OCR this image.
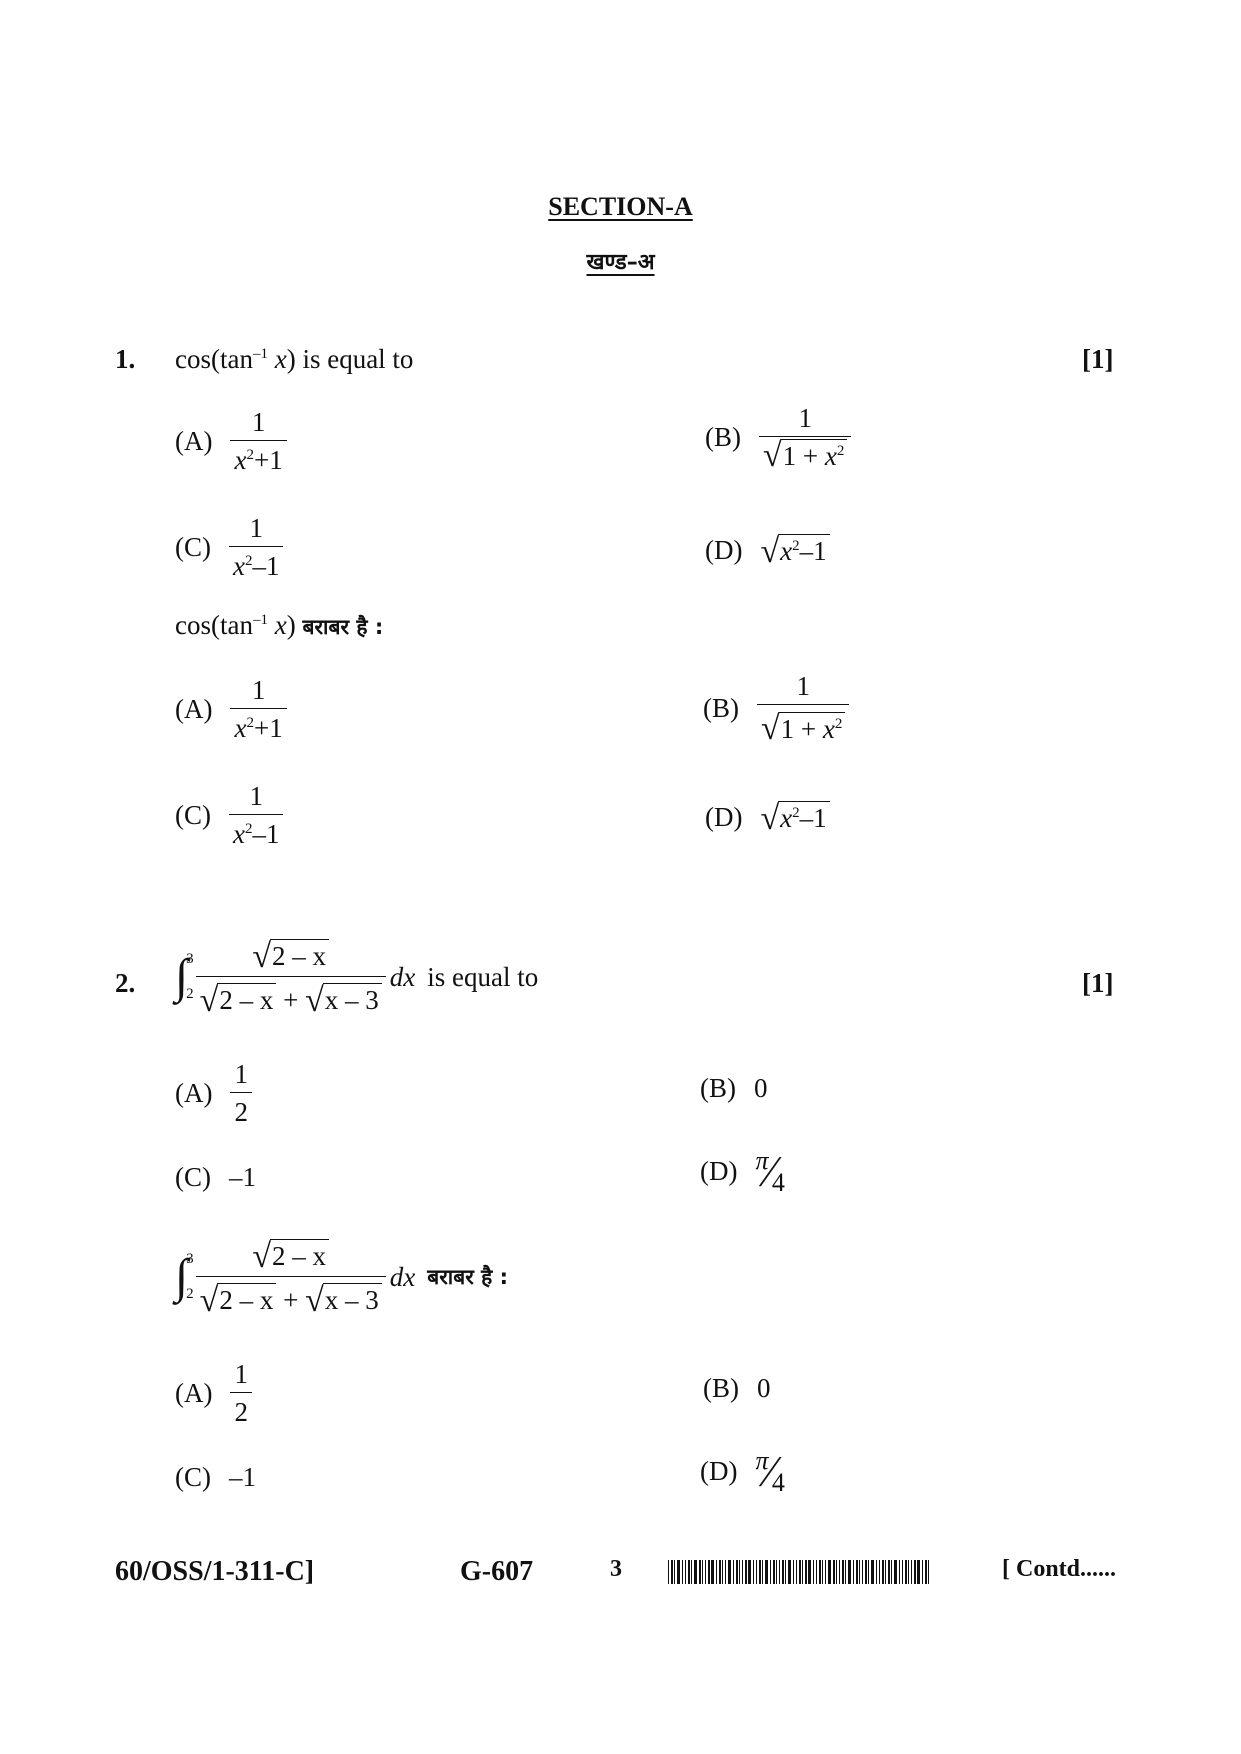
SECTION-A
खण्ड–अ
1. $\cos(\tan^{-1}$ x) is equal to	[1]
$(A) \frac{1}{x^2+1}$	$(B) \frac{1}{√ 1 + x^2}$
$(C) \frac{1}{x^2-1}$	(D) √ $x^2-1$
$\cos(\tan^{-1}$ x) बराबर है :
$(A) \frac{1}{x^2+1}$	$(B) \frac{1}{√ 1 + x^2}$
$(C) \frac{1}{x^2-1}$	(D) √ $x^2-1$
2. ∫
3
$2 \frac{√ 2 - x}{√ 2 - x + √ x - 3}$ dx is equal to	[1]
$(A) \frac{1}{2}$	(B) 0
(C) –1	(D) π
⁄
4
∫
3
$2 \frac{√ 2 - x}{√ 2 - x + √ x - 3}$ dx बराबर है :
$(A) \frac{1}{2}$	(B) 0
(C) –1	(D) π
⁄
4
60/OSS/1-311-C]	G-607	3	[ Contd......
